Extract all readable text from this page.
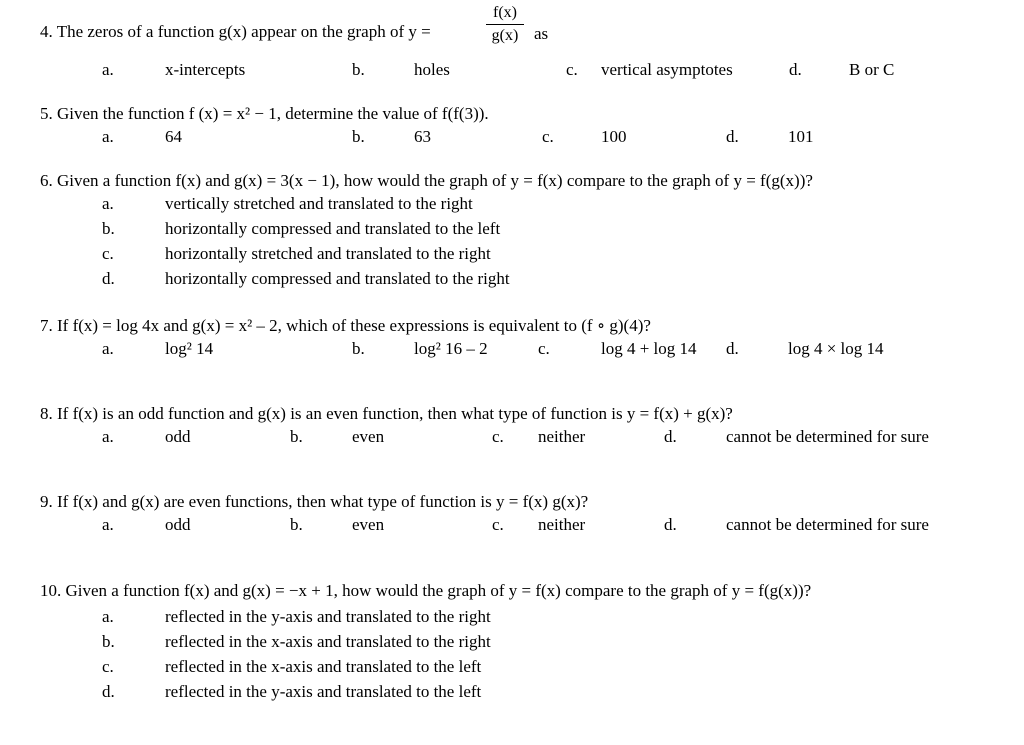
4. The zeros of a function g(x) appear on the graph of y =
f(x)
g(x) as
a.	x-intercepts	b.	holes	c. vertical asymptotes	d.	B or C
5. Given the function f (x) = x² − 1, determine the value of f(f(3)).
a.	64	b.	63	c.	100	d.	101
6. Given a function f(x) and g(x) = 3(x − 1), how would the graph of y = f(x) compare to the graph of y = f(g(x))?
a.	vertically stretched and translated to the right
b.	horizontally compressed and translated to the left
c.	horizontally stretched and translated to the right
d.	horizontally compressed and translated to the right
7. If f(x) = log 4x and g(x) = x² – 2, which of these expressions is equivalent to (f ∘ g)(4)?
a.	log² 14	b.	log² 16 – 2	c.	log 4 + log 14 d.	log 4 × log 14
8. If f(x) is an odd function and g(x) is an even function, then what type of function is y = f(x) + g(x)?
a.	odd	b.	even	c. neither	d.	cannot be determined for sure
9. If f(x) and g(x) are even functions, then what type of function is y = f(x) g(x)?
a.	odd	b.	even	c. neither	d.	cannot be determined for sure
10. Given a function f(x) and g(x) = −x + 1, how would the graph of y = f(x) compare to the graph of y = f(g(x))?
a.	reflected in the y-axis and translated to the right
b.	reflected in the x-axis and translated to the right
c.	reflected in the x-axis and translated to the left
d.	reflected in the y-axis and translated to the left
